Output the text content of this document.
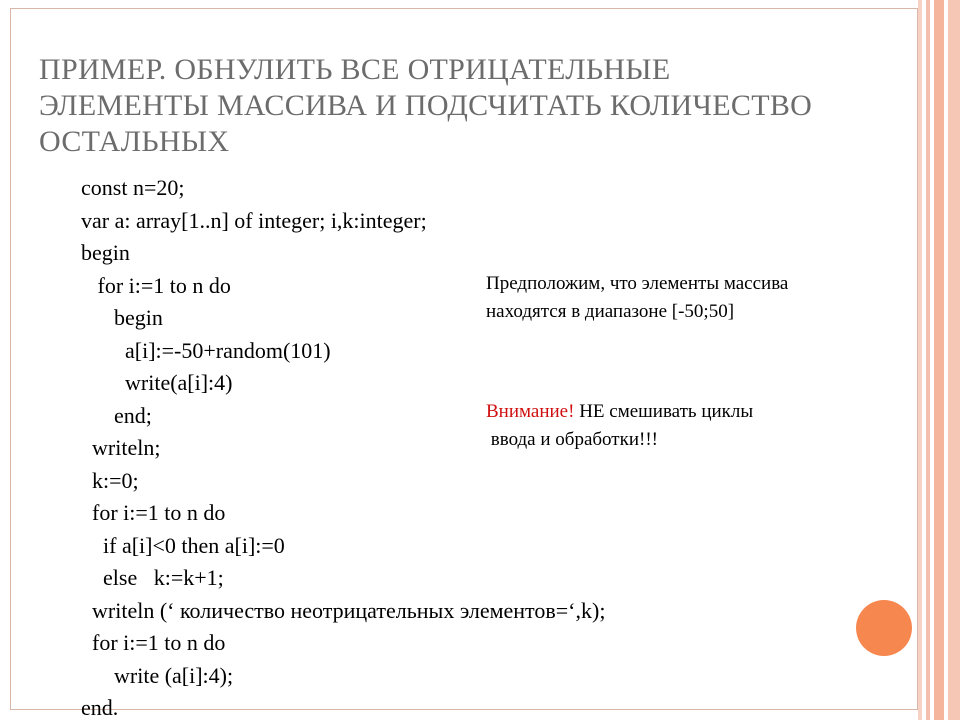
ПРИМЕР. ОБНУЛИТЬ ВСЕ ОТРИЦАТЕЛЬНЫЕ
ЭЛЕМЕНТЫ МАССИВА И ПОДСЧИТАТЬ КОЛИЧЕСТВО
ОСТАЛЬНЫХ
const n=20;
var a: array[1..n] of integer; i,k:integer;
begin
for i:=1 to n do
begin
a[i]:=-50+random(101)
write(a[i]:4)
end;
writeln;
k:=0;
for i:=1 to n do
if a[i]<0 then a[i]:=0
else   k:=k+1;
writeln (‘ количество неотрицательных элементов=‘,k);
for i:=1 to n do
write (a[i]:4);
end.
Предположим, что элементы массива
находятся в диапазоне [-50;50]
Внимание! НЕ смешивать циклы
ввода и обработки!!!
